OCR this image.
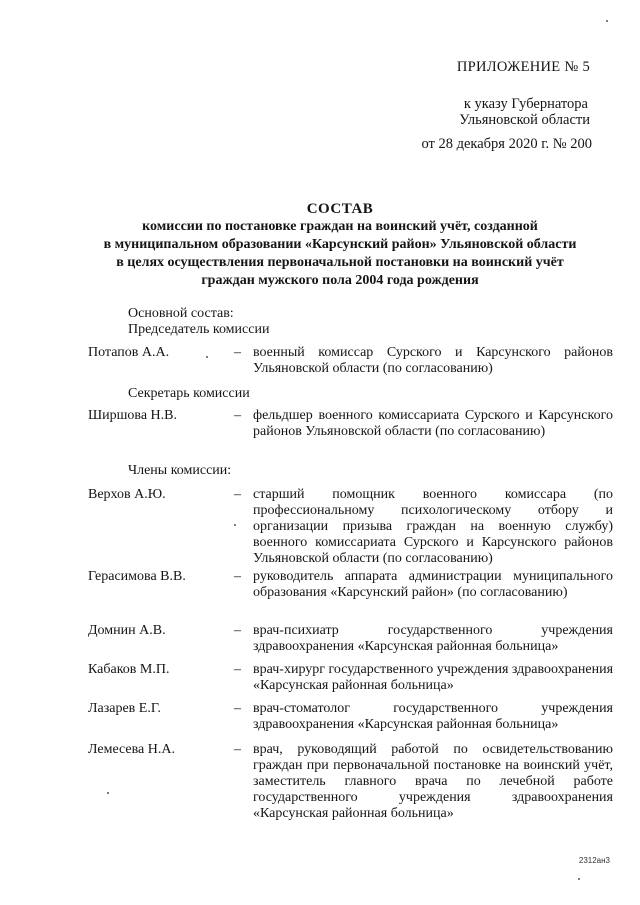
ПРИЛОЖЕНИЕ № 5
к указу Губернатора
Ульяновской области
от 28 декабря 2020 г. № 200
СОСТАВ
комиссии по постановке граждан на воинский учёт, созданной
в муниципальном образовании «Карсунский район» Ульяновской области
в целях осуществления первоначальной постановки на воинский учёт
граждан мужского пола 2004 года рождения
Основной состав:
Председатель комиссии
Потапов А.А.	– военный комиссар Сурского и Карсунского районов Ульяновской области (по согласованию)
Секретарь комиссии
Ширшова Н.В.	– фельдшер военного комиссариата Сурского и Карсунского районов Ульяновской области (по согласованию)
Члены комиссии:
Верхов А.Ю.	– старший помощник военного комиссара (по профессиональному психологическому отбору и организации призыва граждан на военную службу) военного комиссариата Сурского и Карсунского районов Ульяновской области (по согласованию)
Герасимова В.В.	– руководитель аппарата администрации муниципального образования «Карсунский район» (по согласованию)
Домнин А.В.	– врач-психиатр государственного учреждения здравоохранения «Карсунская районная больница»
Кабаков М.П.	– врач-хирург государственного учреждения здравоохранения «Карсунская районная больница»
Лазарев Е.Г.	– врач-стоматолог государственного учреждения здравоохранения «Карсунская районная больница»
Лемесева Н.А.	– врач, руководящий работой по освидетельствованию граждан при первоначальной постановке на воинский учёт, заместитель главного врача по лечебной работе государственного учреждения здравоохранения «Карсунская районная больница»
2312ан3
